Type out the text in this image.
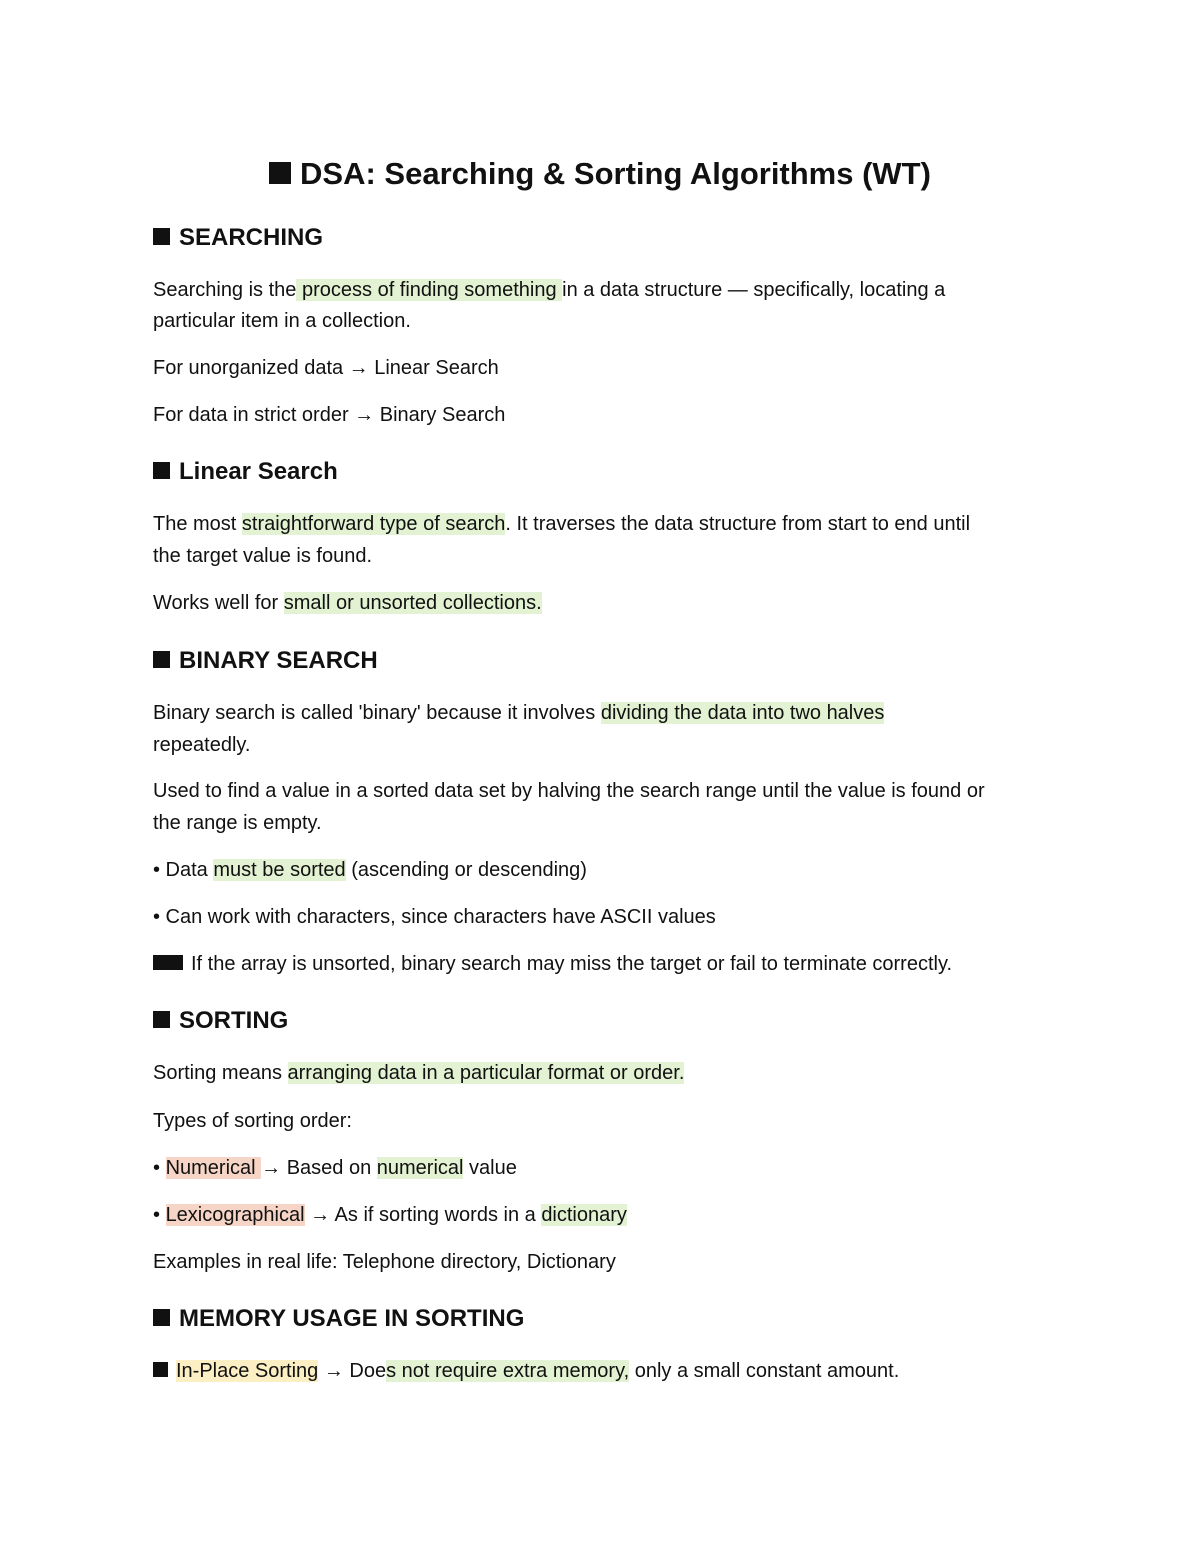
DSA: Searching & Sorting Algorithms (WT)
SEARCHING
Searching is the process of finding something in a data structure — specifically, locating a
particular item in a collection.
For unorganized data → Linear Search
For data in strict order → Binary Search
Linear Search
The most straightforward type of search. It traverses the data structure from start to end until
the target value is found.
Works well for small or unsorted collections.
BINARY SEARCH
Binary search is called 'binary' because it involves dividing the data into two halves
repeatedly.
Used to find a value in a sorted data set by halving the search range until the value is found or
the range is empty.
• Data must be sorted (ascending or descending)
• Can work with characters, since characters have ASCII values
If the array is unsorted, binary search may miss the target or fail to terminate correctly.
SORTING
Sorting means arranging data in a particular format or order.
Types of sorting order:
• Numerical → Based on numerical value
• Lexicographical → As if sorting words in a dictionary
Examples in real life: Telephone directory, Dictionary
MEMORY USAGE IN SORTING
In-Place Sorting → Does not require extra memory, only a small constant amount.
